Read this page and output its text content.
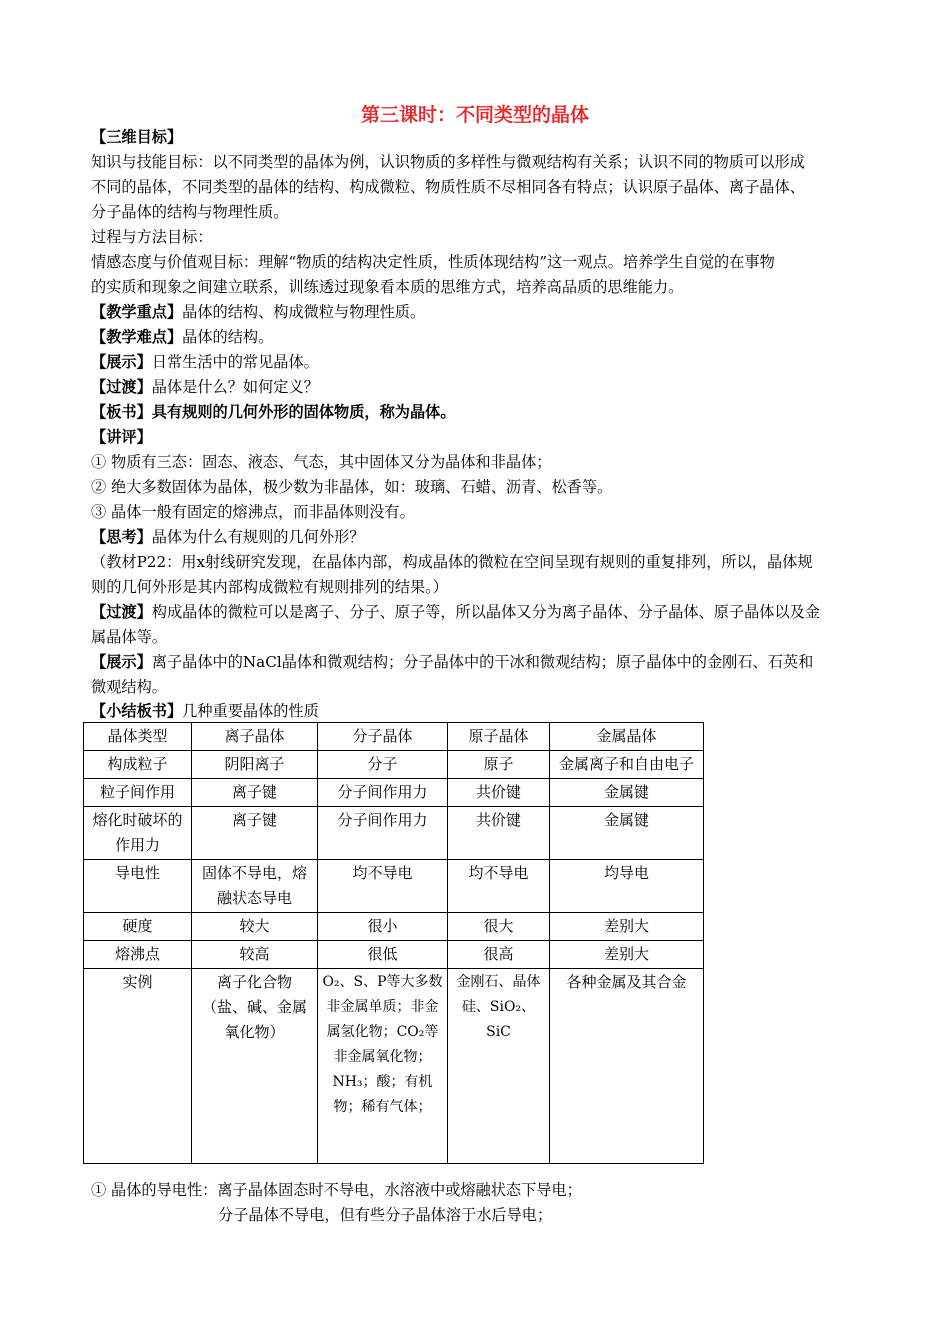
第三课时：不同类型的晶体
【三维目标】
知识与技能目标：以不同类型的晶体为例，认识物质的多样性与微观结构有关系；认识不同的物质可以形成
不同的晶体，不同类型的晶体的结构、构成微粒、物质性质不尽相同各有特点；认识原子晶体、离子晶体、
分子晶体的结构与物理性质。
过程与方法目标：
情感态度与价值观目标：理解“物质的结构决定性质，性质体现结构”这一观点。培养学生自觉的在事物
的实质和现象之间建立联系，训练透过现象看本质的思维方式，培养高品质的思维能力。
【教学重点】晶体的结构、构成微粒与物理性质。
【教学难点】晶体的结构。
【展示】日常生活中的常见晶体。
【过渡】晶体是什么？如何定义？
【板书】具有规则的几何外形的固体物质，称为晶体。
【讲评】
① 物质有三态：固态、液态、气态，其中固体又分为晶体和非晶体；
② 绝大多数固体为晶体，极少数为非晶体，如：玻璃、石蜡、沥青、松香等。
③ 晶体一般有固定的熔沸点，而非晶体则没有。
【思考】晶体为什么有规则的几何外形？
（教材P22：用x射线研究发现，在晶体内部，构成晶体的微粒在空间呈现有规则的重复排列，所以，晶体规
则的几何外形是其内部构成微粒有规则排列的结果。）
【过渡】构成晶体的微粒可以是离子、分子、原子等，所以晶体又分为离子晶体、分子晶体、原子晶体以及金
属晶体等。
【展示】离子晶体中的NaCl晶体和微观结构；分子晶体中的干冰和微观结构；原子晶体中的金刚石、石英和
微观结构。
【小结板书】几种重要晶体的性质
晶体类型	离子晶体	分子晶体	原子晶体	金属晶体
构成粒子	阴阳离子	分子	原子	金属离子和自由电子
粒子间作用	离子键	分子间作用力	共价键	金属键
熔化时破坏的作用力	离子键	分子间作用力	共价键	金属键
导电性	固体不导电，熔融状态导电	均不导电	均不导电	均导电
硬度	较大	很小	很大	差别大
熔沸点	较高	很低	很高	差别大
实例	离子化合物（盐、碱、金属氧化物）	O₂、S、P等大多数非金属单质；非金属氢化物；CO₂等非金属氧化物；NH₃；酸；有机物；稀有气体；	金刚石、晶体硅、SiO₂、SiC	各种金属及其合金
① 晶体的导电性：离子晶体固态时不导电，水溶液中或熔融状态下导电；
分子晶体不导电，但有些分子晶体溶于水后导电；
